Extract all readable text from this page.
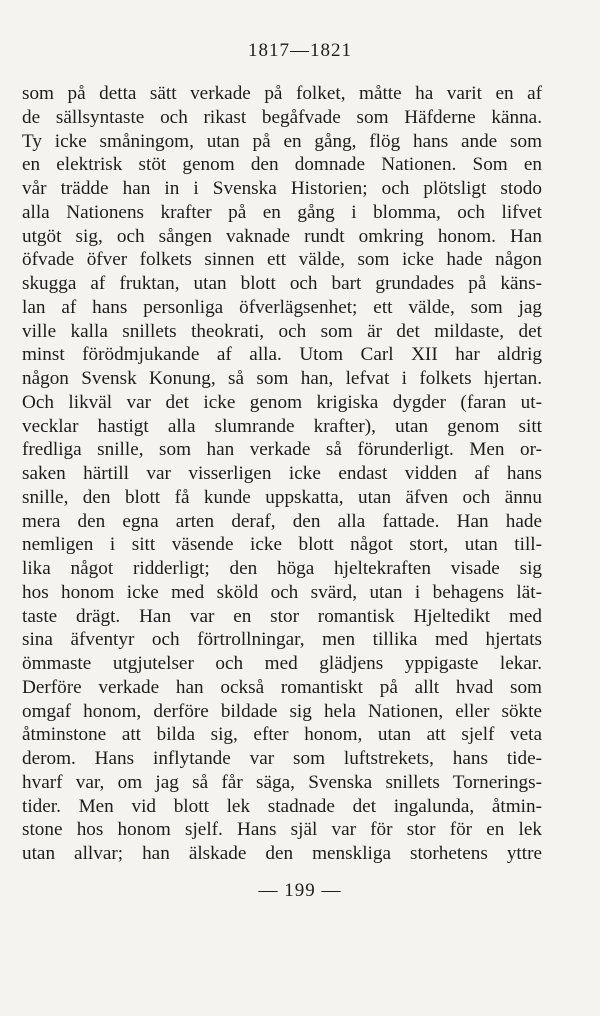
1817—1821
som på detta sätt verkade på folket, måtte ha varit en af
de sällsyntaste och rikast begåfvade som Häfderne känna.
Ty icke småningom, utan på en gång, flög hans ande som
en elektrisk stöt genom den domnade Nationen. Som en
vår trädde han in i Svenska Historien; och plötsligt stodo
alla Nationens krafter på en gång i blomma, och lifvet
utgöt sig, och sången vaknade rundt omkring honom. Han
öfvade öfver folkets sinnen ett välde, som icke hade någon
skugga af fruktan, utan blott och bart grundades på käns-
lan af hans personliga öfverlägsenhet; ett välde, som jag
ville kalla snillets theokrati, och som är det mildaste, det
minst förödmjukande af alla. Utom Carl XII har aldrig
någon Svensk Konung, så som han, lefvat i folkets hjertan.
Och likväl var det icke genom krigiska dygder (faran ut-
vecklar hastigt alla slumrande krafter), utan genom sitt
fredliga snille, som han verkade så förunderligt. Men or-
saken härtill var visserligen icke endast vidden af hans
snille, den blott få kunde uppskatta, utan äfven och ännu
mera den egna arten deraf, den alla fattade. Han hade
nemligen i sitt väsende icke blott något stort, utan till-
lika något ridderligt; den höga hjeltekraften visade sig
hos honom icke med sköld och svärd, utan i behagens lät-
taste drägt. Han var en stor romantisk Hjeltedikt med
sina äfventyr och förtrollningar, men tillika med hjertats
ömmaste utgjutelser och med glädjens yppigaste lekar.
Derföre verkade han också romantiskt på allt hvad som
omgaf honom, derföre bildade sig hela Nationen, eller sökte
åtminstone att bilda sig, efter honom, utan att sjelf veta
derom. Hans inflytande var som luftstrekets, hans tide-
hvarf var, om jag så får säga, Svenska snillets Tornerings-
tider. Men vid blott lek stadnade det ingalunda, åtmin-
stone hos honom sjelf. Hans själ var för stor för en lek
utan allvar; han älskade den menskliga storhetens yttre
— 199 —
